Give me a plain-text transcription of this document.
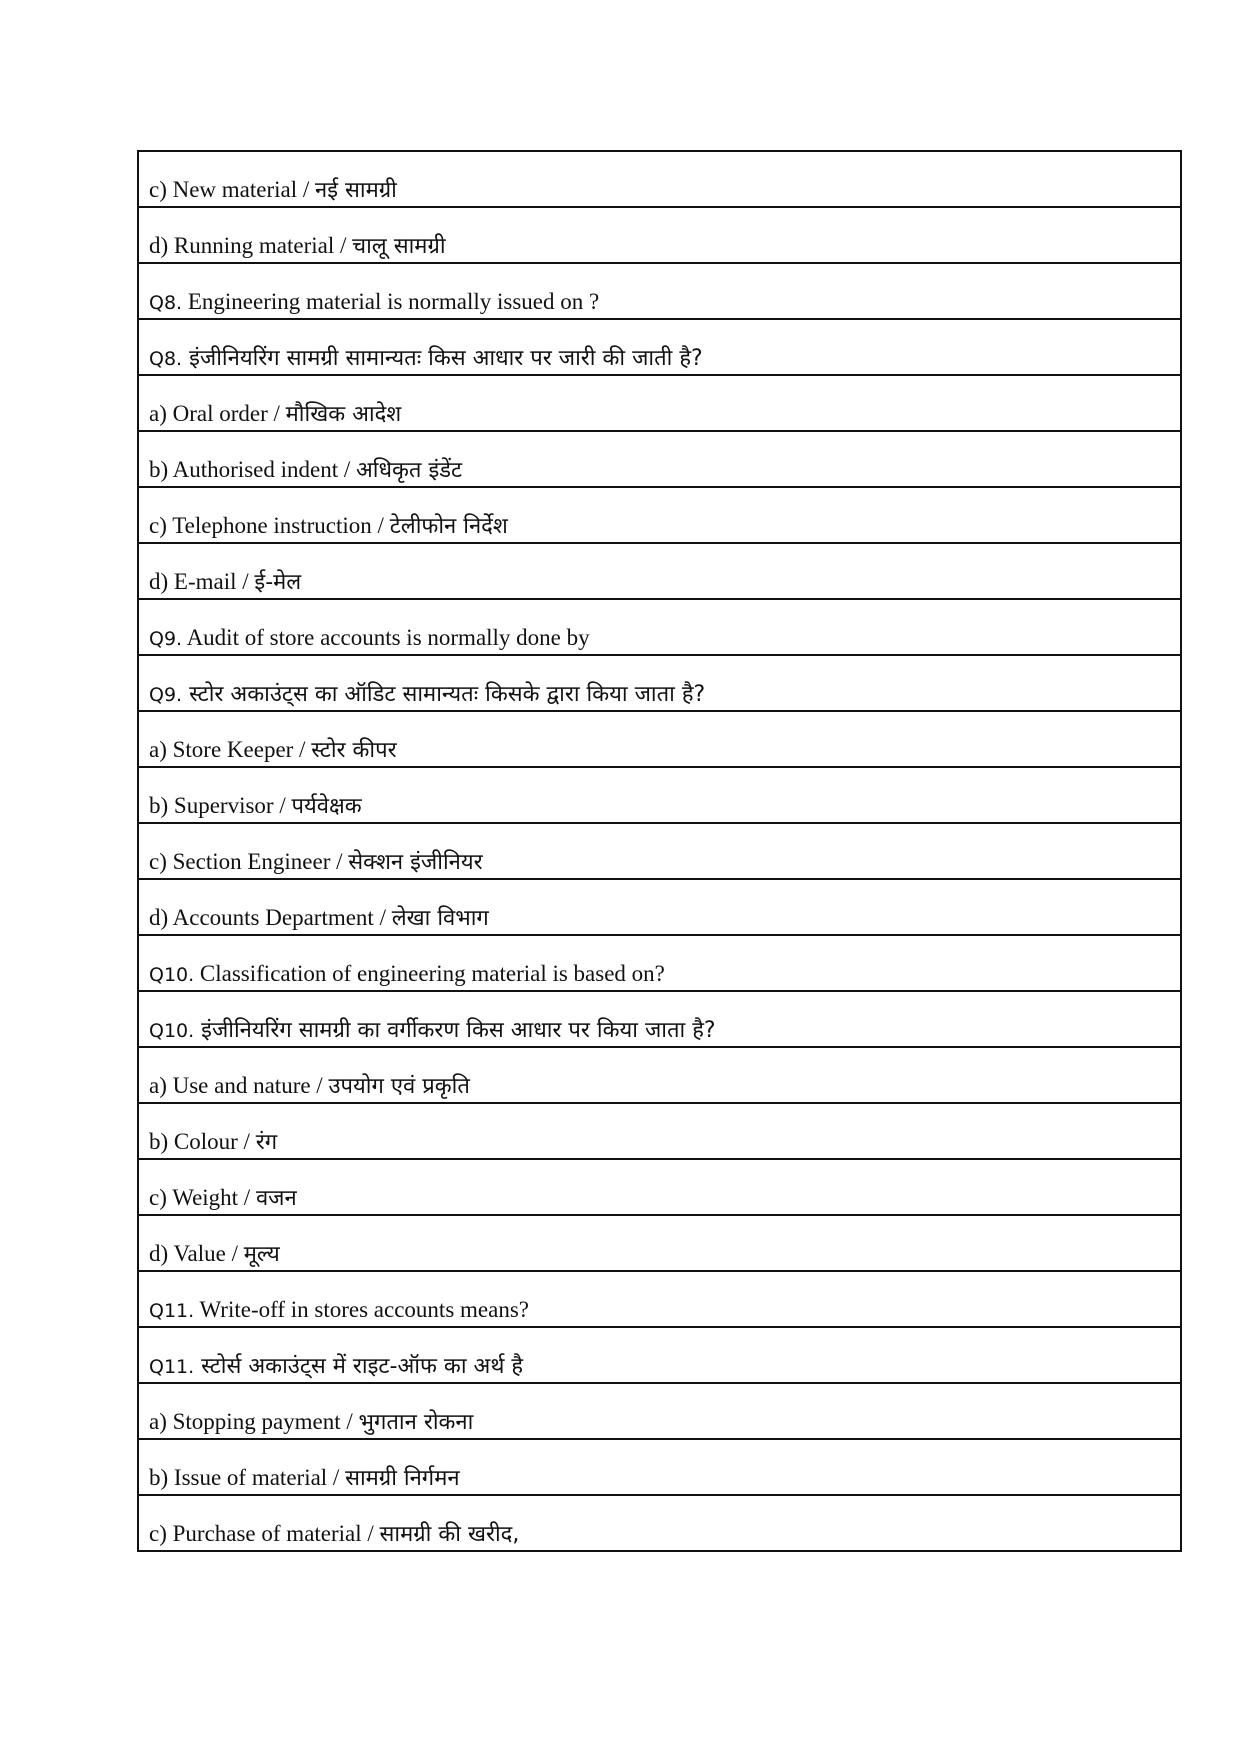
c) New material / नई सामग्री
d) Running material / चालू सामग्री
Q8. Engineering material is normally issued on ?
Q8. इंजीनियरिंग सामग्री सामान्यतः किस आधार पर जारी की जाती है?
a) Oral order / मौखिक आदेश
b) Authorised indent / अधिकृत इंडेंट
c) Telephone instruction / टेलीफोन निर्देश
d) E-mail / ई-मेल
Q9. Audit of store accounts is normally done by
Q9. स्टोर अकाउंट्स का ऑडिट सामान्यतः किसके द्वारा किया जाता है?
a) Store Keeper / स्टोर कीपर
b) Supervisor / पर्यवेक्षक
c) Section Engineer / सेक्शन इंजीनियर
d) Accounts Department / लेखा विभाग
Q10. Classification of engineering material is based on?
Q10. इंजीनियरिंग सामग्री का वर्गीकरण किस आधार पर किया जाता है?
a) Use and nature / उपयोग एवं प्रकृति
b) Colour / रंग
c) Weight / वजन
d) Value / मूल्य
Q11. Write-off in stores accounts means?
Q11. स्टोर्स अकाउंट्स में राइट-ऑफ का अर्थ है
a) Stopping payment / भुगतान रोकना
b) Issue of material / सामग्री निर्गमन
c) Purchase of material / सामग्री की खरीद,
